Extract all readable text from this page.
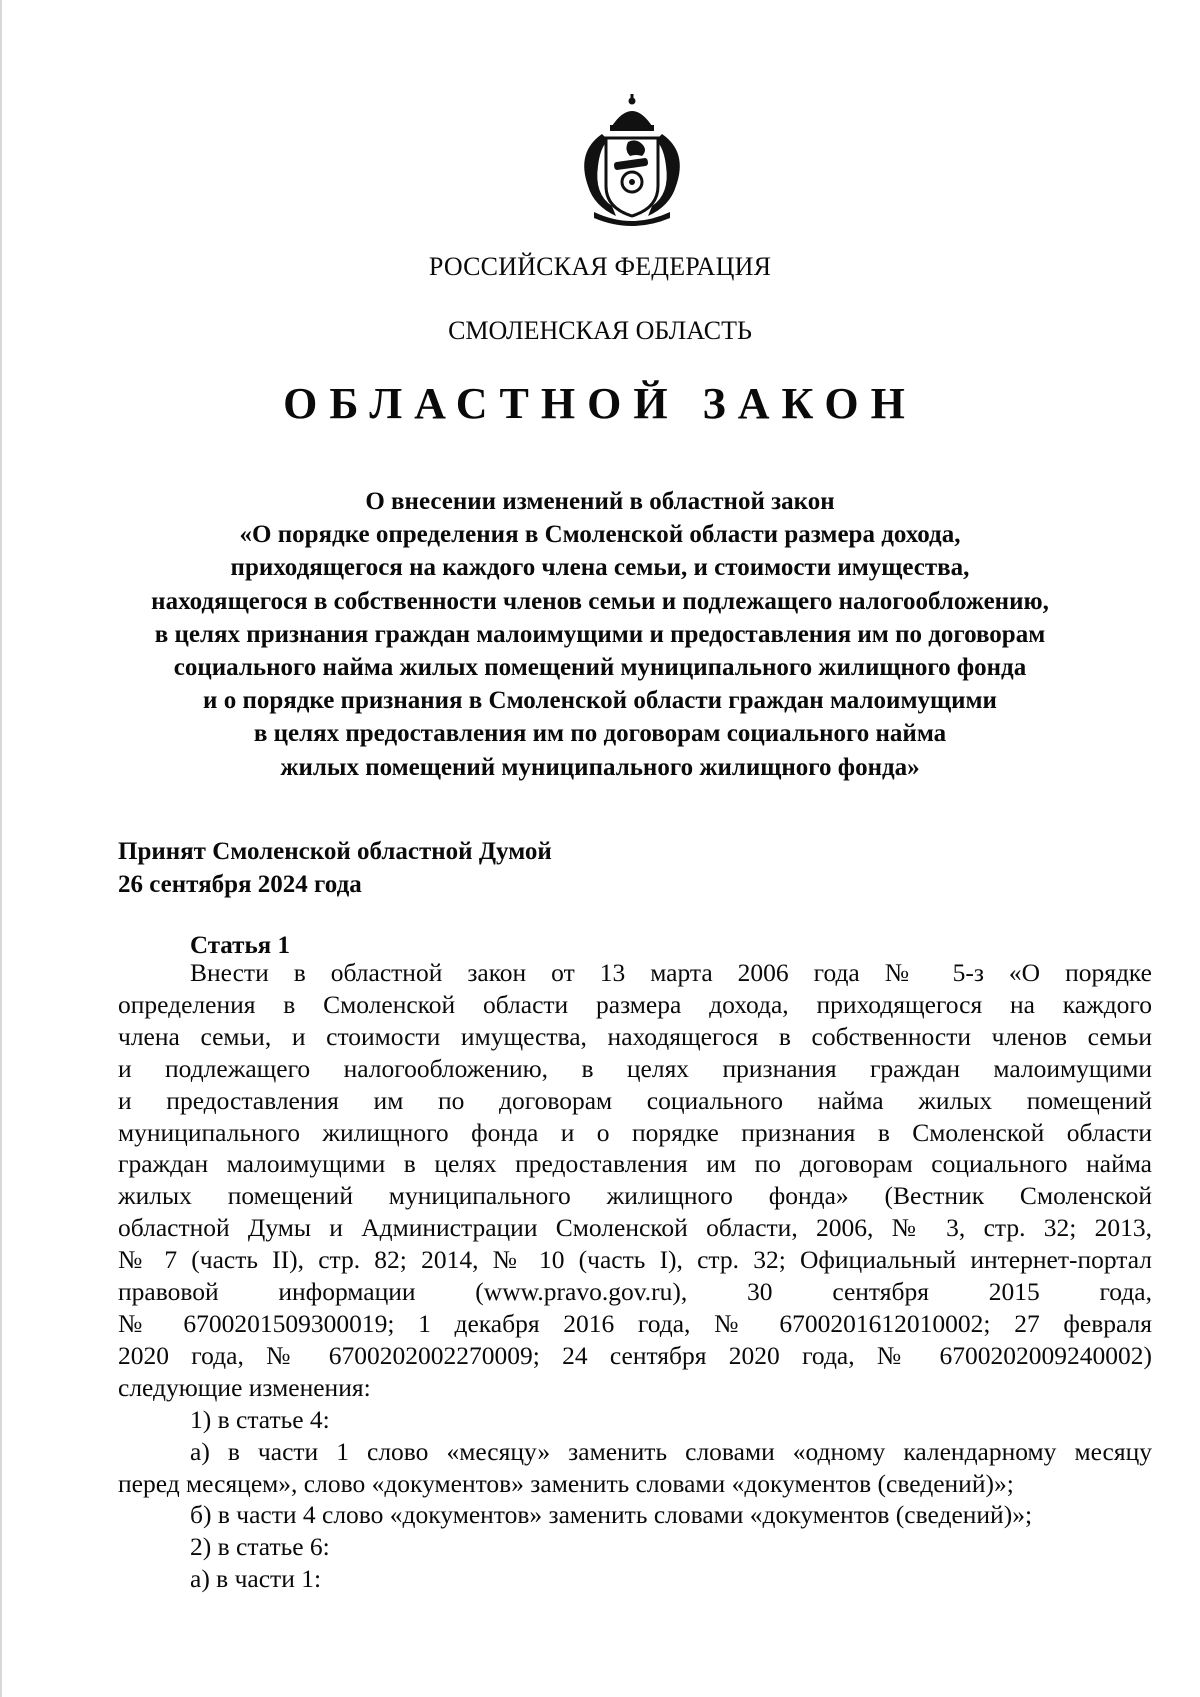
РОССИЙСКАЯ ФЕДЕРАЦИЯ
СМОЛЕНСКАЯ ОБЛАСТЬ
ОБЛАСТНОЙ ЗАКОН
О внесении изменений в областной закон
«О порядке определения в Смоленской области размера дохода,
приходящегося на каждого члена семьи, и стоимости имущества,
находящегося в собственности членов семьи и подлежащего налогообложению,
в целях признания граждан малоимущими и предоставления им по договорам
социального найма жилых помещений муниципального жилищного фонда
и о порядке признания в Смоленской области граждан малоимущими
в целях предоставления им по договорам социального найма
жилых помещений муниципального жилищного фонда»
Принят Смоленской областной Думой
26 сентября 2024 года
Статья 1
Внести в областной закон от 13 марта 2006 года № 5-з «О порядке
определения в Смоленской области размера дохода, приходящегося на каждого
члена семьи, и стоимости имущества, находящегося в собственности членов семьи
и подлежащего налогообложению, в целях признания граждан малоимущими
и предоставления им по договорам социального найма жилых помещений
муниципального жилищного фонда и о порядке признания в Смоленской области
граждан малоимущими в целях предоставления им по договорам социального найма
жилых помещений муниципального жилищного фонда» (Вестник Смоленской
областной Думы и Администрации Смоленской области, 2006, № 3, стр. 32; 2013,
№ 7 (часть II), стр. 82; 2014, № 10 (часть I), стр. 32; Официальный интернет-портал
правовой информации (www.pravo.gov.ru), 30 сентября 2015 года,
№ 6700201509300019; 1 декабря 2016 года, № 6700201612010002; 27 февраля
2020 года, № 6700202002270009; 24 сентября 2020 года, № 6700202009240002)
следующие изменения:
1) в статье 4:
а) в части 1 слово «месяцу» заменить словами «одному календарному месяцу
перед месяцем», слово «документов» заменить словами «документов (сведений)»;
б) в части 4 слово «документов» заменить словами «документов (сведений)»;
2) в статье 6:
а) в части 1:
